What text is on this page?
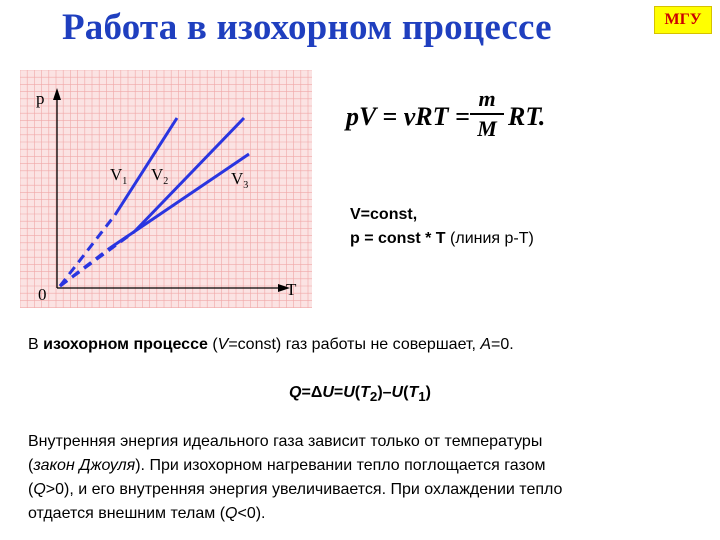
Работа в изохорном процессе	МГУ
p
T
0
$V_1$ $V_2$	$V_3$
pV = νRT =
m
M RT.
V=const,
p = const * T (линия p-T)
В изохорном процессе (V=const) газ работы не совершает, A=0.
$Q=\Delta U=U(T_2)-U(T_1)$
Внутренняя энергия идеального газа зависит только от температуры
(закон Джоуля). При изохорном нагревании тепло поглощается газом
(Q>0), и его внутренняя энергия увеличивается. При охлаждении тепло
отдается внешним телам (Q<0).
